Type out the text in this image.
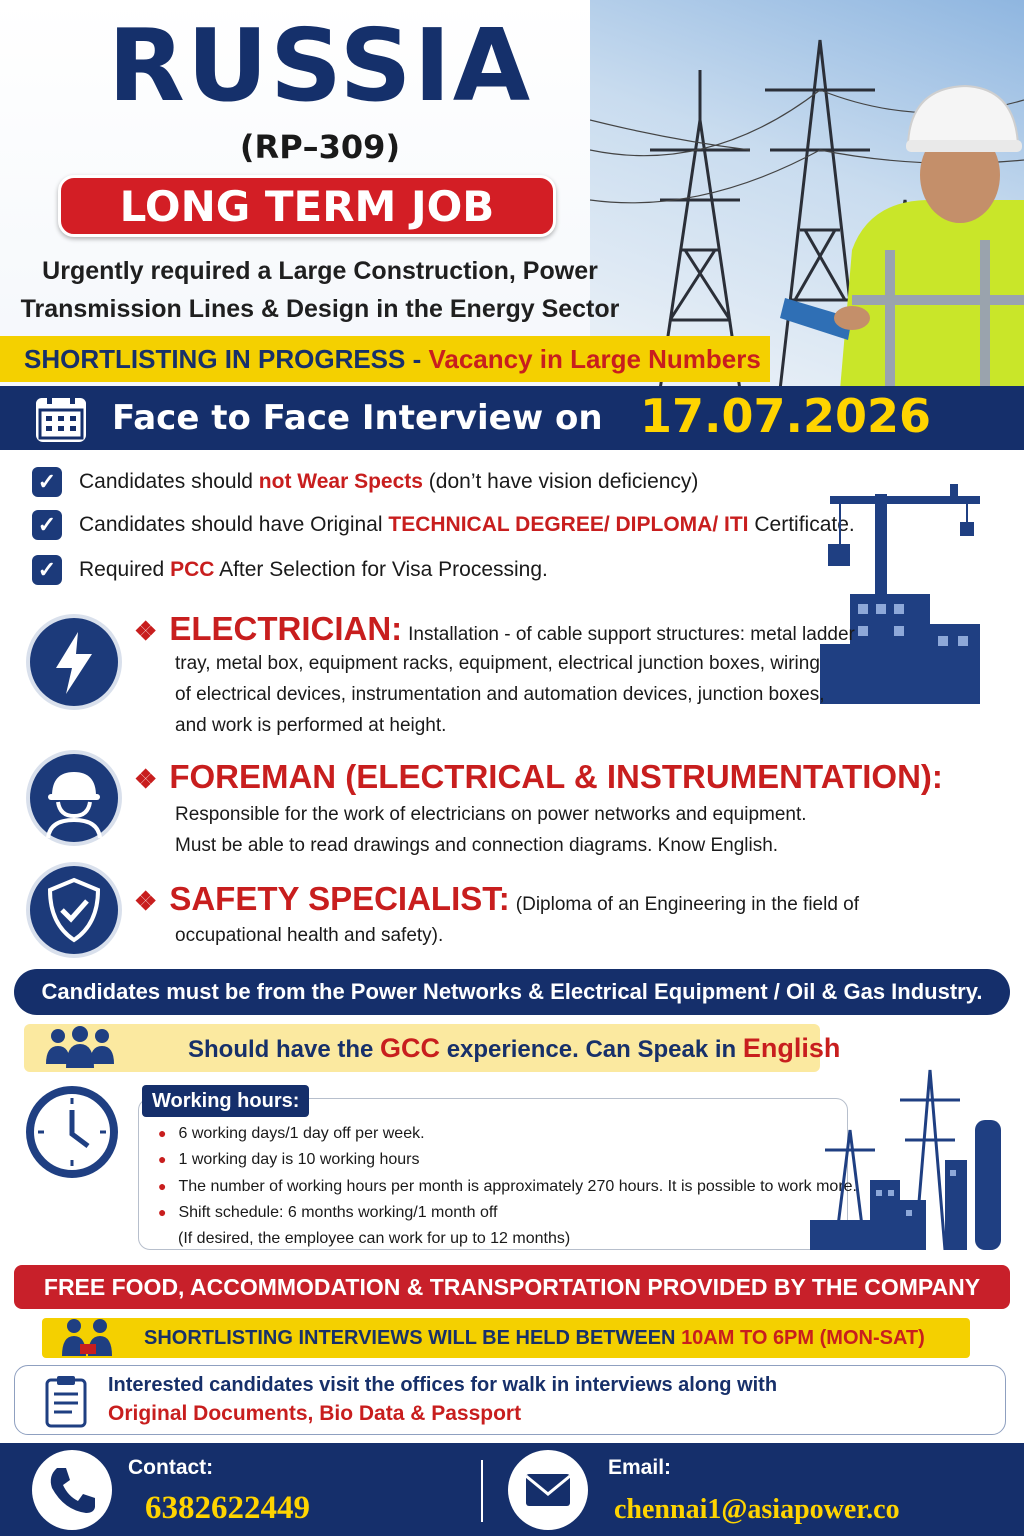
RUSSIA
(RP–309)
LONG TERM JOB
Urgently required a Large Construction, Power
Transmission Lines & Design in the Energy Sector
SHORTLISTING IN PROGRESS - Vacancy in Large Numbers
Face to Face Interview on 17.07.2026
✓ Candidates should not Wear Spects (don’t have vision deficiency)
✓ Candidates should have Original TECHNICAL DEGREE/ DIPLOMA/ ITI Certificate.
✓ Required PCC After Selection for Visa Processing.
❖ ELECTRICIAN: Installation - of cable support structures: metal ladder
tray, metal box, equipment racks, equipment, electrical junction boxes, wiring
of electrical devices, instrumentation and automation devices, junction boxes,
and work is performed at height.
❖ FOREMAN (ELECTRICAL & INSTRUMENTATION):
Responsible for the work of electricians on power networks and equipment.
Must be able to read drawings and connection diagrams. Know English.
❖ SAFETY SPECIALIST: (Diploma of an Engineering in the field of
occupational health and safety).
Candidates must be from the Power Networks & Electrical Equipment / Oil & Gas Industry.
Should have the GCC experience. Can Speak in English
Working hours:
● 6 working days/1 day off per week.
● 1 working day is 10 working hours
● The number of working hours per month is approximately 270 hours. It is possible to work more.
● Shift schedule: 6 months working/1 month off
(If desired, the employee can work for up to 12 months)
FREE FOOD, ACCOMMODATION & TRANSPORTATION PROVIDED BY THE COMPANY
SHORTLISTING INTERVIEWS WILL BE HELD BETWEEN 10AM TO 6PM (MON-SAT)
Interested candidates visit the offices for walk in interviews along with
Original Documents, Bio Data & Passport
Contact:
6382622449
Email:
chennai1@asiapower.co
